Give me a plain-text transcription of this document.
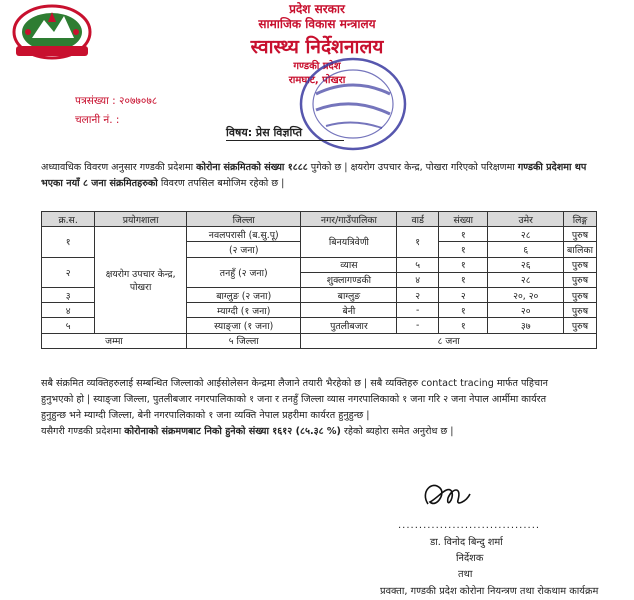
प्रदेश सरकार
सामाजिक विकास मन्त्रालय
स्वास्थ्य निर्देशनालय
गण्डकी प्रदेश
रामघाट, पोखरा
पत्रसंख्या : २०७७०७८
चलानी नं. :
विषय: प्रेस विज्ञप्ति
अध्यावधिक विवरण अनुसार गण्डकी प्रदेशमा कोरोना संक्रमितको संख्या १८८८ पुगेको छ | क्षयरोग उपचार केन्द्र, पोखरा गरिएको परिक्षणमा गण्डकी प्रदेशमा थप भएका नयाँ ८ जना संक्रमितहरुको विवरण तपसिल बमोजिम रहेको छ |
क्र.स.	प्रयोगशाला	जिल्ला	नगर/गाउँपालिका	वार्ड	संख्या	उमेर	लिङ्ग
१	क्षयरोग उपचार केन्द्र, पोखरा	नवलपरासी (ब.सु.पू)	बिनयत्रिवेणी	१	१	२८	पुरुष
		(२ जना)			१	६	बालिका
२		तनहुँ (२ जना)	व्यास	५	१	२६	पुरुष
			शुक्लागण्डकी	४	१	२८	पुरुष
३		बाग्लुङ (२ जना)	बाग्लुङ	२	२	२०, २०	पुरुष
४		म्याग्दी (१ जना)	बेनी	-	१	२०	पुरुष
५		स्याङ्जा (१ जना)	पुतलीबजार	-	१	३७	पुरुष
जम्मा		५ जिल्ला	८ जना				
सबै संक्रमित व्यक्तिहरुलाई सम्बन्धित जिल्लाको आईसोलेसन केन्द्रमा लैजाने तयारी भैरहेको छ | सबै व्यक्तिहरु contact tracing मार्फत पहिचान
हुनुभएको हो | स्याङ्जा जिल्ला, पुतलीबजार नगरपालिकाको १ जना र तनहुँ जिल्ला व्यास नगरपालिकाको १ जना गरि २ जना नेपाल आर्मीमा कार्यरत
हुनुहुन्छ भने म्याग्दी जिल्ला, बेनी नगरपालिकाको १ जना व्यक्ति नेपाल प्रहरीमा कार्यरत हुनुहुन्छ |
यसैगरी गण्डकी प्रदेशमा कोरोनाको संक्रमणबाट निको हुनेको संख्या १६१२ (८५.३८ %) रहेको ब्यहोरा समेत अनुरोध छ |
..................................
डा. विनोद बिन्दु शर्मा
निर्देशक
तथा
प्रवक्ता, गण्डकी प्रदेश कोरोना नियन्त्रण तथा रोकथाम कार्यक्रम
